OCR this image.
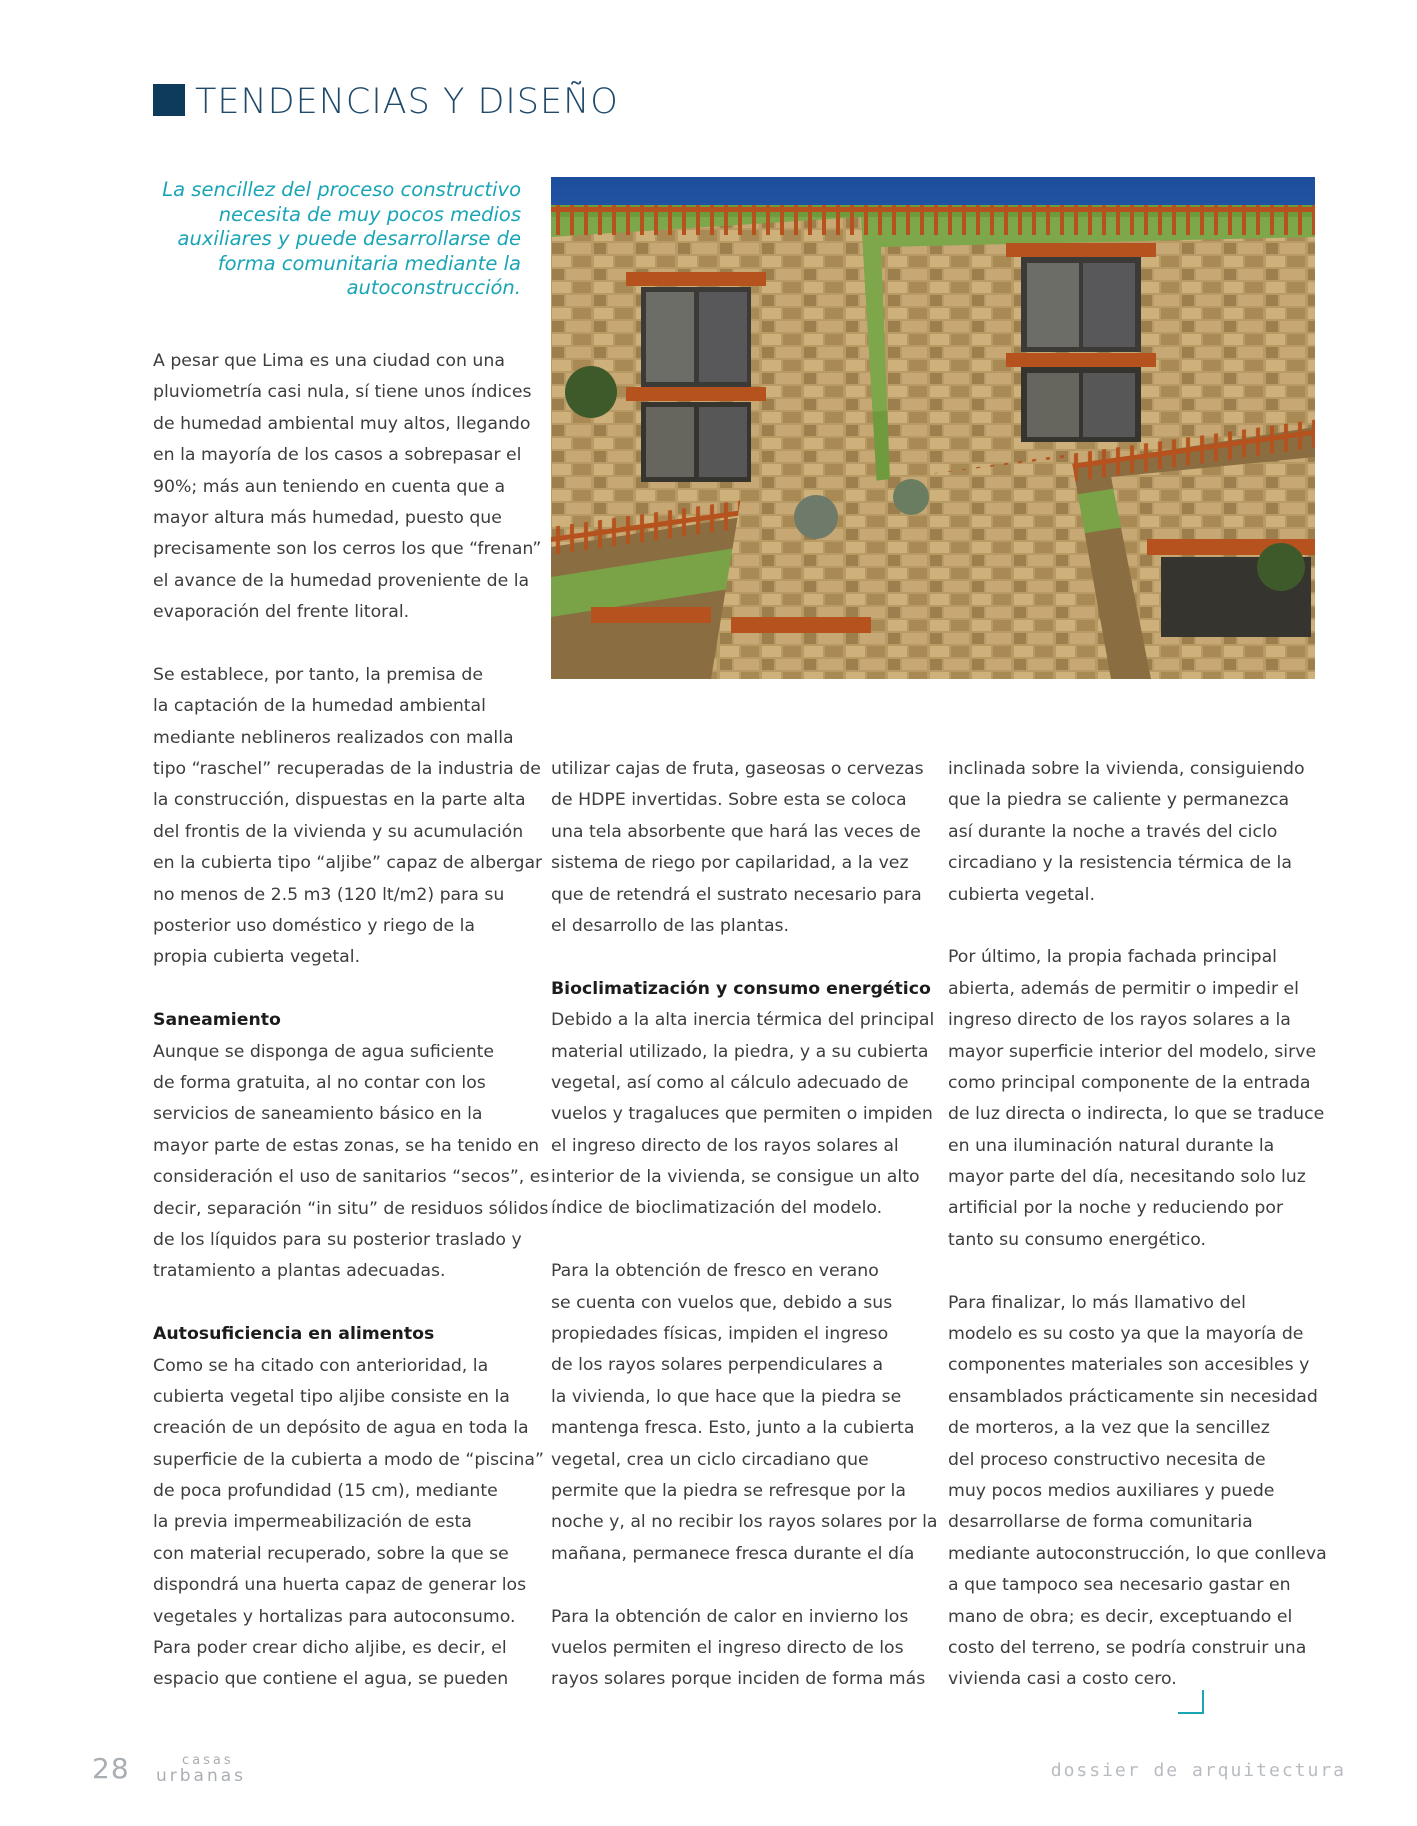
TENDENCIAS Y DISEÑO
La sencillez del proceso constructivo
necesita de muy pocos medios
auxiliares y puede desarrollarse de
forma comunitaria mediante la
autoconstrucción.
A pesar que Lima es una ciudad con una
pluviometría casi nula, sí tiene unos índices
de humedad ambiental muy altos, llegando
en la mayoría de los casos a sobrepasar el
90%; más aun teniendo en cuenta que a
mayor altura más humedad, puesto que
precisamente son los cerros los que “frenan”
el avance de la humedad proveniente de la
evaporación del frente litoral.
Se establece, por tanto, la premisa de
la captación de la humedad ambiental
mediante neblineros realizados con malla
tipo “raschel” recuperadas de la industria de
la construcción, dispuestas en la parte alta
del frontis de la vivienda y su acumulación
en la cubierta tipo “aljibe” capaz de albergar
no menos de 2.5 m3 (120 lt/m2) para su
posterior uso doméstico y riego de la
propia cubierta vegetal.
Saneamiento
Aunque se disponga de agua suficiente
de forma gratuita, al no contar con los
servicios de saneamiento básico en la
mayor parte de estas zonas, se ha tenido en
consideración el uso de sanitarios “secos”, es
decir, separación “in situ” de residuos sólidos
de los líquidos para su posterior traslado y
tratamiento a plantas adecuadas.
Autosuficiencia en alimentos
Como se ha citado con anterioridad, la
cubierta vegetal tipo aljibe consiste en la
creación de un depósito de agua en toda la
superficie de la cubierta a modo de “piscina”
de poca profundidad (15 cm), mediante
la previa impermeabilización de esta
con material recuperado, sobre la que se
dispondrá una huerta capaz de generar los
vegetales y hortalizas para autoconsumo.
Para poder crear dicho aljibe, es decir, el
espacio que contiene el agua, se pueden
utilizar cajas de fruta, gaseosas o cervezas
de HDPE invertidas. Sobre esta se coloca
una tela absorbente que hará las veces de
sistema de riego por capilaridad, a la vez
que de retendrá el sustrato necesario para
el desarrollo de las plantas.
Bioclimatización y consumo energético
Debido a la alta inercia térmica del principal
material utilizado, la piedra, y a su cubierta
vegetal, así como al cálculo adecuado de
vuelos y tragaluces que permiten o impiden
el ingreso directo de los rayos solares al
interior de la vivienda, se consigue un alto
índice de bioclimatización del modelo.
Para la obtención de fresco en verano
se cuenta con vuelos que, debido a sus
propiedades físicas, impiden el ingreso
de los rayos solares perpendiculares a
la vivienda, lo que hace que la piedra se
mantenga fresca. Esto, junto a la cubierta
vegetal, crea un ciclo circadiano que
permite que la piedra se refresque por la
noche y, al no recibir los rayos solares por la
mañana, permanece fresca durante el día
Para la obtención de calor en invierno los
vuelos permiten el ingreso directo de los
rayos solares porque inciden de forma más
inclinada sobre la vivienda, consiguiendo
que la piedra se caliente y permanezca
así durante la noche a través del ciclo
circadiano y la resistencia térmica de la
cubierta vegetal.
Por último, la propia fachada principal
abierta, además de permitir o impedir el
ingreso directo de los rayos solares a la
mayor superficie interior del modelo, sirve
como principal componente de la entrada
de luz directa o indirecta, lo que se traduce
en una iluminación natural durante la
mayor parte del día, necesitando solo luz
artificial por la noche y reduciendo por
tanto su consumo energético.
Para finalizar, lo más llamativo del
modelo es su costo ya que la mayoría de
componentes materiales son accesibles y
ensamblados prácticamente sin necesidad
de morteros, a la vez que la sencillez
del proceso constructivo necesita de
muy pocos medios auxiliares y puede
desarrollarse de forma comunitaria
mediante autoconstrucción, lo que conlleva
a que tampoco sea necesario gastar en
mano de obra; es decir, exceptuando el
costo del terreno, se podría construir una
vivienda casi a costo cero.
28	casas
urbanas	dossier de arquitectura
